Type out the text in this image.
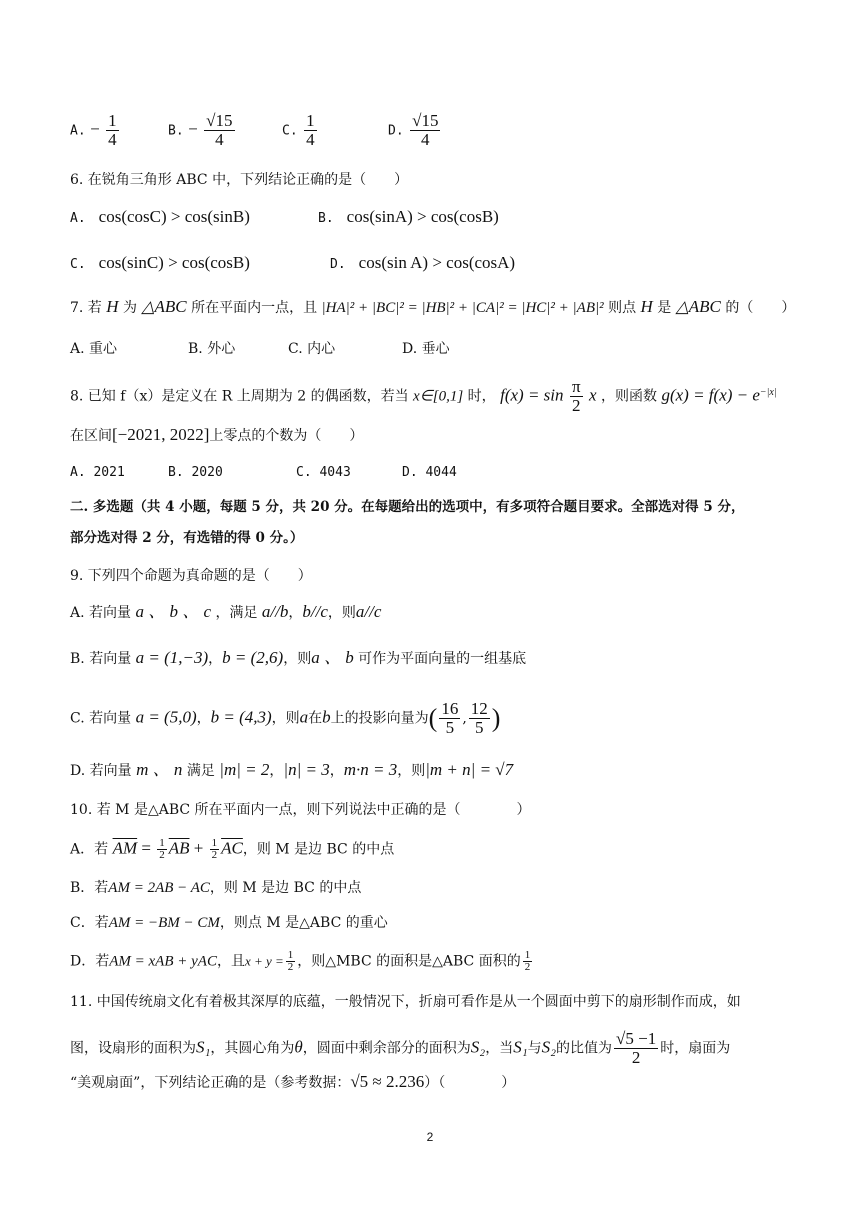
A. − $\frac{1}{4}$	B. − $\frac{√15}{4}$	C. $\frac{1}{4}$	D. $\frac{√15}{4}$
6. 在锐角三角形 ABC 中，下列结论正确的是（　　）
A.　cos(cosC) > cos(sinB)	B.　cos(sinA) > cos(cosB)
C.　cos(sinC) > cos(cosB)	D.　cos(sin A) > cos(cosA)
7. 若 H 为 △ABC 所在平面内一点，且 |HA|² + |BC|² = |HB|² + |CA|² = |HC|² + |AB|² 则点 H 是 △ABC 的（　　）
A. 重心	B. 外心	C. 内心	D. 垂心
8. 已知 f（x）是定义在 R 上周期为 2 的偶函数，若当 x∈[0,1] 时， $f(x) = \sin \frac{\pi}{2}$ x ，则函数 $g(x) = f(x) - e^{-|x|}$
在区间[−2021, 2022]上零点的个数为（　　）
A. 2021	B. 2020	C. 4043	D. 4044
二. 多选题（共 4 小题，每题 5 分，共 20 分。在每题给出的选项中，有多项符合题目要求。全部选对得 5 分，
部分选对得 2 分，有选错的得 0 分。）
9. 下列四个命题为真命题的是（　　）
A. 若向量 a 、 b 、 c ，满足 a//b，b//c，则a//c
B. 若向量 a = (1,−3)，b = (2,6)，则a 、 b 可作为平面向量的一组基底
C. 若向量 a = (5,0)，b = (4,3)，则a在b上的投影向量为( $\frac{16}{5}$ , $\frac{12}{5}$ )
D. 若向量 m 、 n 满足 |m| = 2，|n| = 3，m·n = 3，则|m + n| = √7
10. 若 M 是△ABC 所在平面内一点，则下列说法中正确的是（　　　　）
A．若 $\overline{AM} = \frac{1}{2} \overline{AB} + \frac{1}{2} \overline{AC}$，则 M 是边 BC 的中点
B．若AM = 2AB − AC，则 M 是边 BC 的中点
C．若AM = −BM − CM，则点 M 是△ABC 的重心
D．若AM = xAB + yAC，且$x + y = \frac{1}{2}$ ，则△MBC 的面积是△ABC 面积的 $\frac{1}{2}$
11. 中国传统扇文化有着极其深厚的底蕴，一般情况下，折扇可看作是从一个圆面中剪下的扇形制作而成，如
图，设扇形的面积为S₁，其圆心角为θ，圆面中剩余部分的面积为S₂，当S₁与S₂的比值为 $\frac{√5 -1}{2}$ 时，扇面为
“美观扇面”，下列结论正确的是（参考数据：√5 ≈ 2.236）（　　　　）
2
